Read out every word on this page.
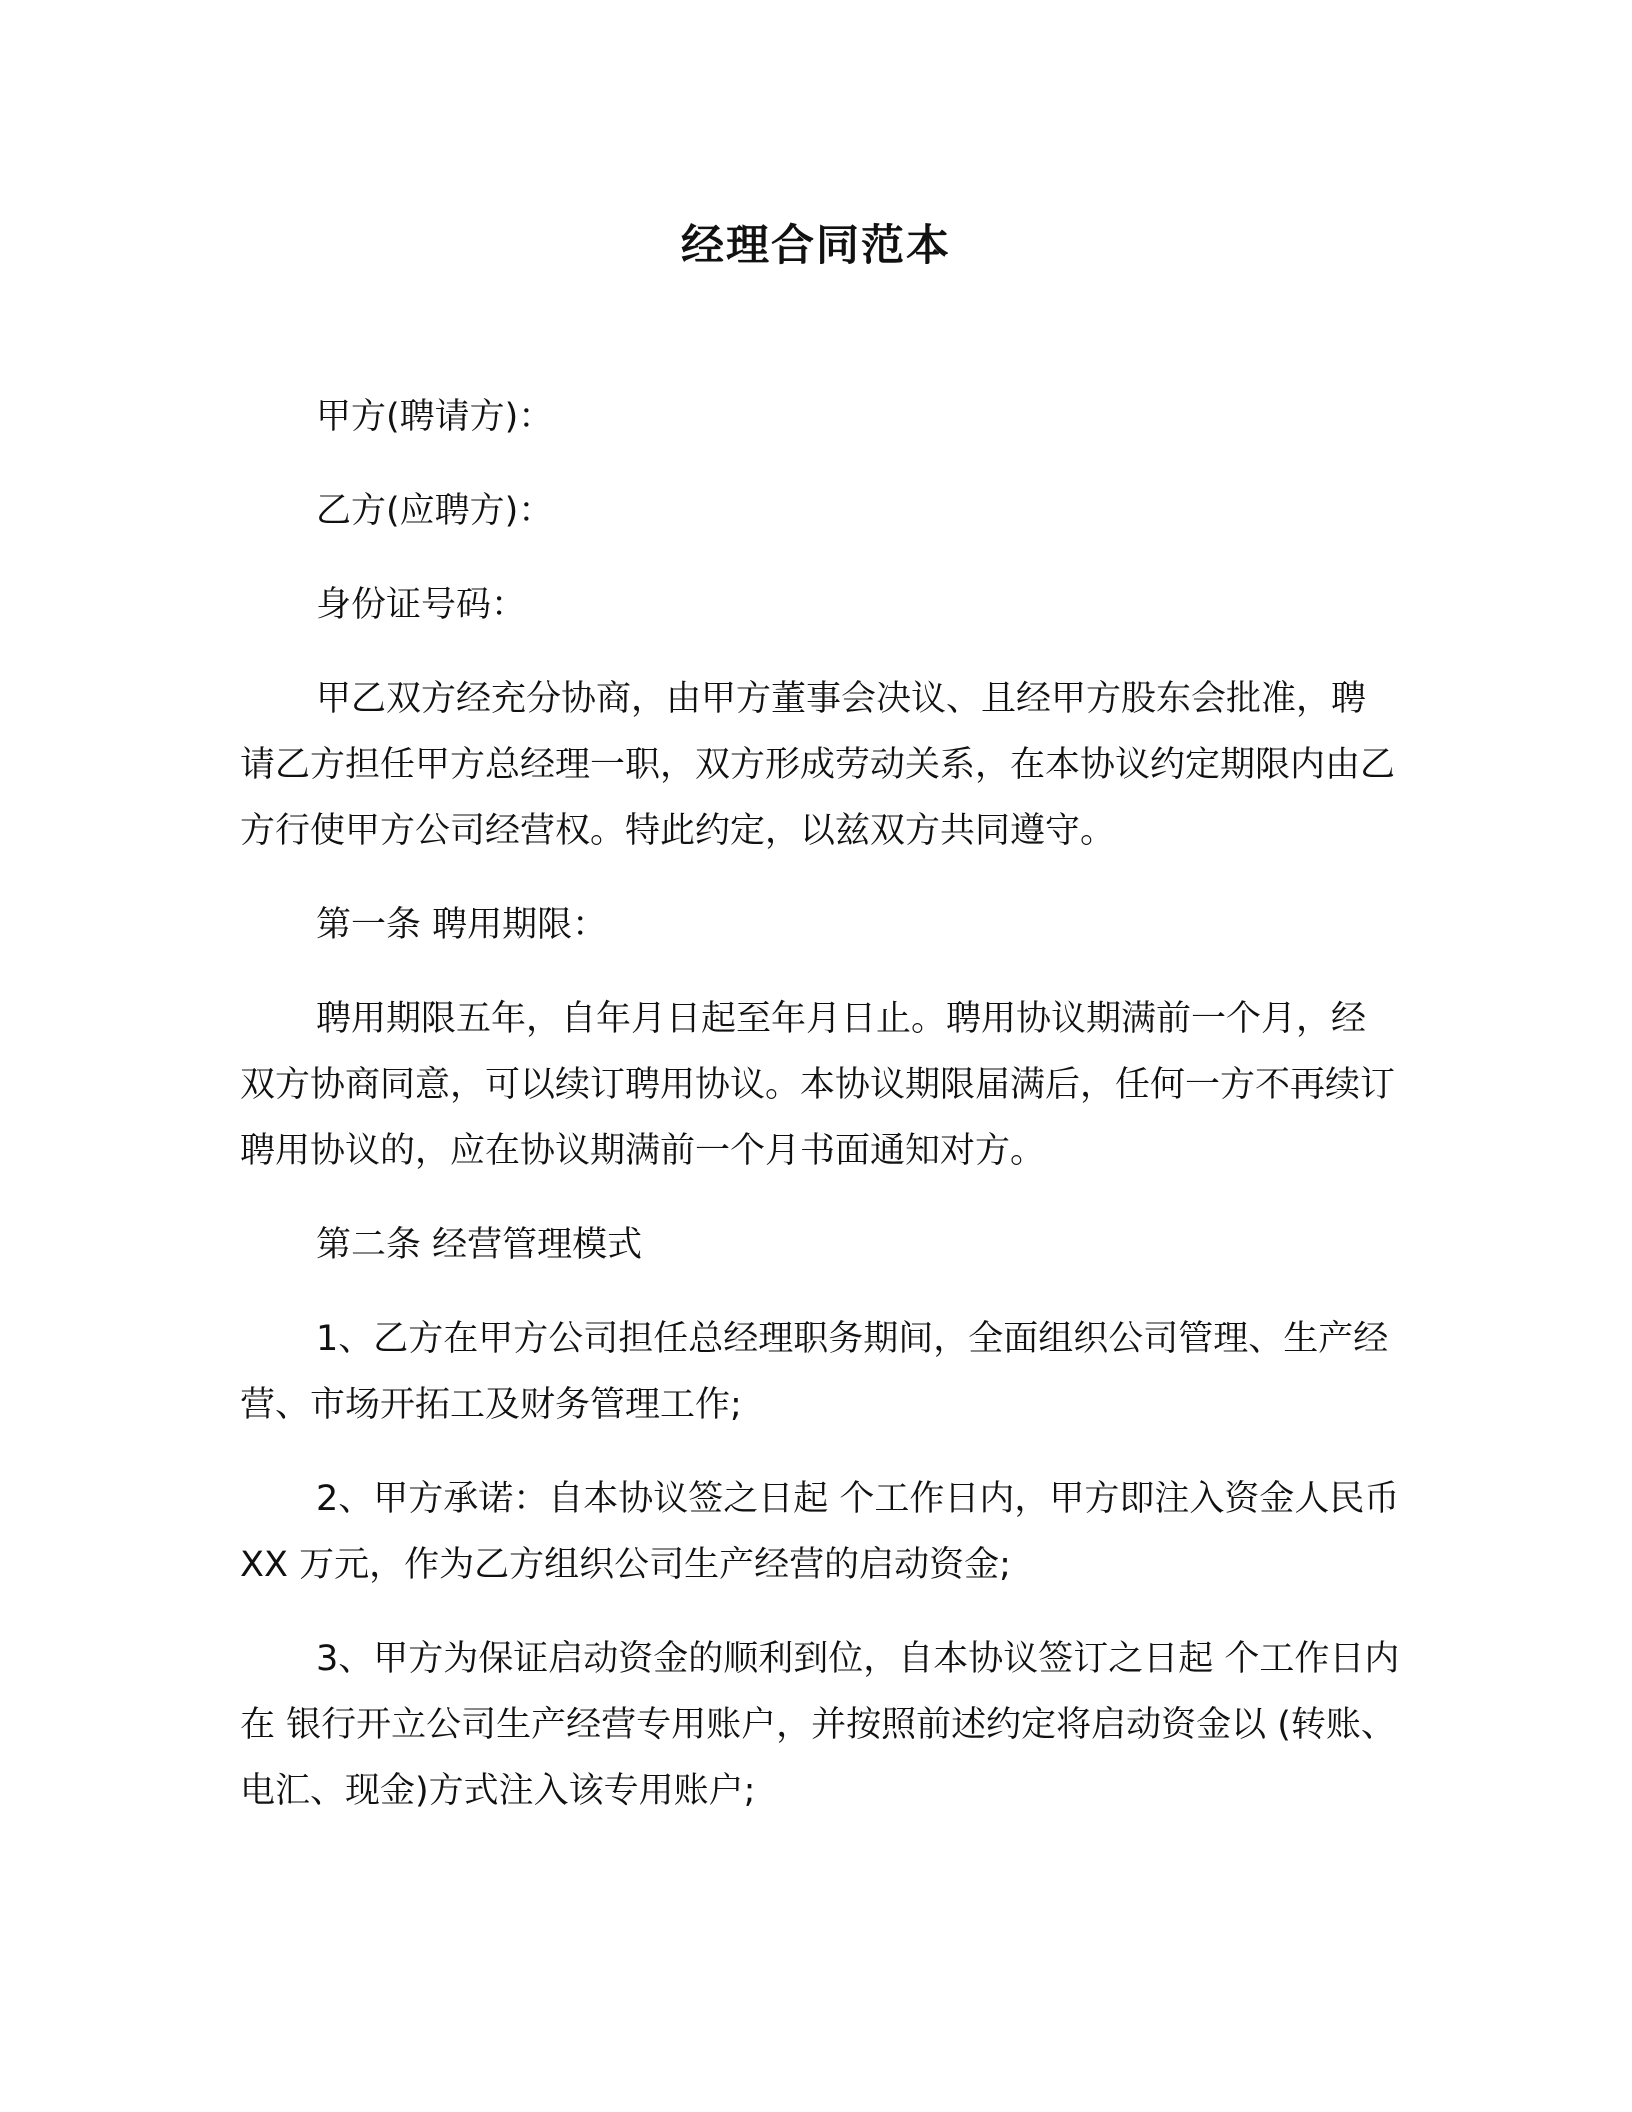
经理合同范本

甲方(聘请方)：

乙方(应聘方)：

身份证号码：

甲乙双方经充分协商，由甲方董事会决议、且经甲方股东会批准，聘请乙方担任甲方总经理一职，双方形成劳动关系，在本协议约定期限内由乙方行使甲方公司经营权。特此约定，以兹双方共同遵守。

第一条 聘用期限：

聘用期限五年，自年月日起至年月日止。聘用协议期满前一个月，经双方协商同意，可以续订聘用协议。本协议期限届满后，任何一方不再续订聘用协议的，应在协议期满前一个月书面通知对方。

第二条 经营管理模式

1、乙方在甲方公司担任总经理职务期间，全面组织公司管理、生产经营、市场开拓工及财务管理工作;

2、甲方承诺：自本协议签之日起 个工作日内，甲方即注入资金人民币 XX 万元，作为乙方组织公司生产经营的启动资金;

3、甲方为保证启动资金的顺利到位，自本协议签订之日起 个工作日内在 银行开立公司生产经营专用账户，并按照前述约定将启动资金以 (转账、电汇、现金)方式注入该专用账户;
